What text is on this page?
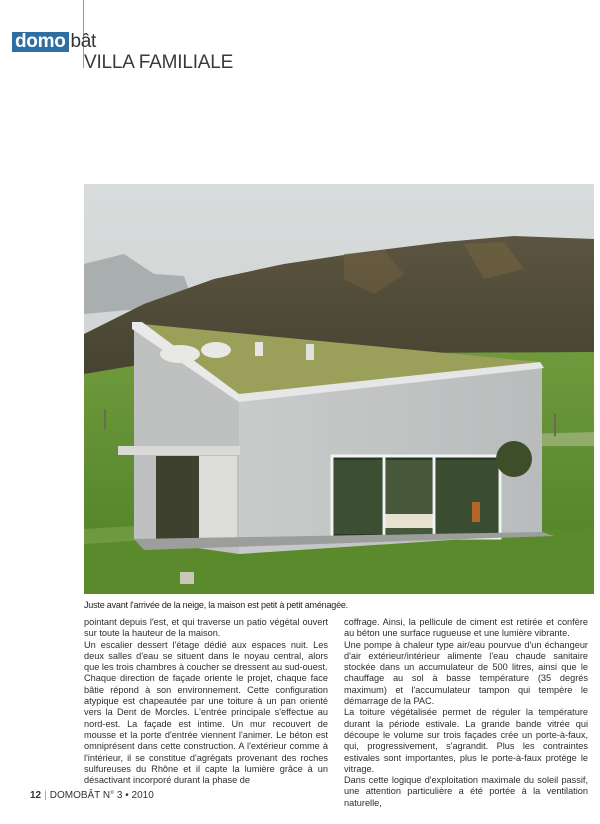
domo bât
VILLA FAMILIALE
Juste avant l'arrivée de la neige, la maison est petit à petit aménagée.

pointant depuis l'est, et qui traverse un patio végétal ouvert sur toute la hauteur de la maison.

Un escalier dessert l'étage dédié aux espaces nuit. Les deux salles d'eau se situent dans le noyau central, alors que les trois chambres à coucher se dressent au sud-ouest.

Chaque direction de façade oriente le projet, chaque face bâtie répond à son environnement. Cette configuration atypique est chapeautée par une toiture à un pan orienté vers la Dent de Morcles. L'entrée principale s'effectue au nord-est. La façade est intime. Un mur recouvert de mousse et la porte d'entrée viennent l'animer. Le béton est omniprésent dans cette construction. A l'extérieur comme à l'intérieur, il se constitue d'agrégats provenant des roches sulfureuses du Rhône et il capte la lumière grâce à un désactivant incorporé durant la phase de

coffrage. Ainsi, la pellicule de ciment est retirée et confère au béton une surface rugueuse et une lumière vibrante.

Une pompe à chaleur type air/eau pourvue d'un échangeur d'air extérieur/intérieur alimente l'eau chaude sanitaire stockée dans un accumulateur de 500 litres, ainsi que le chauffage au sol à basse température (35 degrés maximum) et l'accumulateur tampon qui tempère le démarrage de la PAC.

La toiture végétalisée permet de réguler la température durant la période estivale. La grande bande vitrée qui découpe le volume sur trois façades crée un porte-à-faux, qui, progressivement, s'agrandit. Plus les contraintes estivales sont importantes, plus le porte-à-faux protège le vitrage.

Dans cette logique d'exploitation maximale du soleil passif, une attention particulière a été portée à la ventilation naturelle,

12 | DOMOBÂT N° 3 • 2010
